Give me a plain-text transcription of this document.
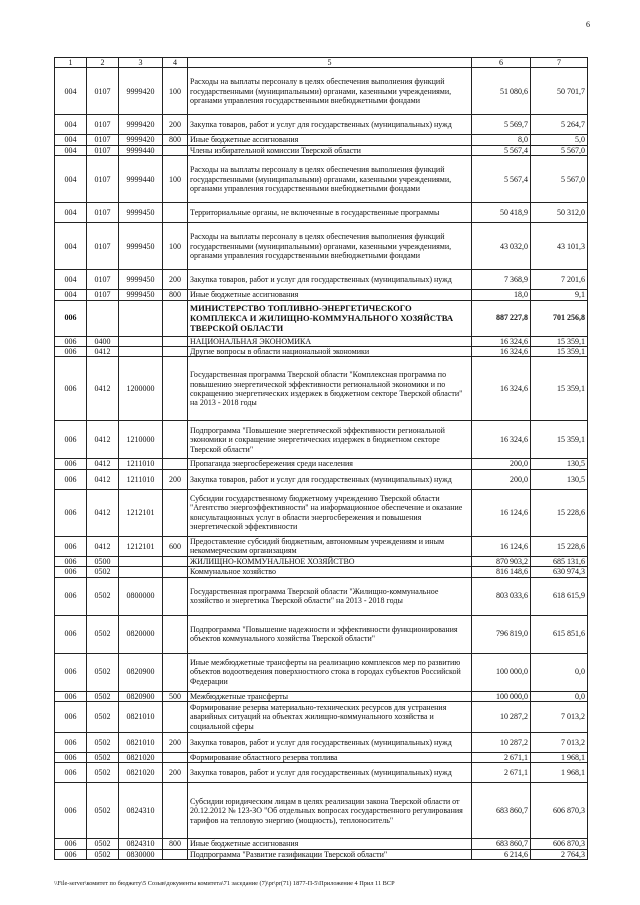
6
1	2	3	4	5	6	7
004	0107	9999420	100	Расходы на выплаты персоналу в целях обеспечения выполнения функций государственными (муниципальными) органами, казенными учреждениями, органами управления государственными внебюджетными фондами	51 080,6	50 701,7
004	0107	9999420	200	Закупка товаров, работ и услуг для государственных (муниципальных) нужд	5 569,7	5 264,7
004	0107	9999420	800	Иные бюджетные ассигнования	8,0	5,0
004	0107	9999440		Члены избирательной комиссии Тверской области	5 567,4	5 567,0
004	0107	9999440	100	Расходы на выплаты персоналу в целях обеспечения выполнения функций государственными (муниципальными) органами, казенными учреждениями, органами управления государственными внебюджетными фондами	5 567,4	5 567,0
004	0107	9999450		Территориальные органы, не включенные в государственные программы	50 418,9	50 312,0
004	0107	9999450	100	Расходы на выплаты персоналу в целях обеспечения выполнения функций государственными (муниципальными) органами, казенными учреждениями, органами управления государственными внебюджетными фондами	43 032,0	43 101,3
004	0107	9999450	200	Закупка товаров, работ и услуг для государственных (муниципальных) нужд	7 368,9	7 201,6
004	0107	9999450	800	Иные бюджетные ассигнования	18,0	9,1
006				МИНИСТЕРСТВО ТОПЛИВНО-ЭНЕРГЕТИЧЕСКОГО КОМПЛЕКСА И ЖИЛИЩНО-КОММУНАЛЬНОГО ХОЗЯЙСТВА ТВЕРСКОЙ ОБЛАСТИ	887 227,8	701 256,8
006	0400			НАЦИОНАЛЬНАЯ ЭКОНОМИКА	16 324,6	15 359,1
006	0412			Другие вопросы в области национальной экономики	16 324,6	15 359,1
006	0412	1200000		Государственная программа Тверской области "Комплексная программа по повышению энергетической эффективности региональной экономики и по сокращению энергетических издержек в бюджетном секторе Тверской области" на 2013 - 2018 годы	16 324,6	15 359,1
006	0412	1210000		Подпрограмма "Повышение энергетической эффективности региональной экономики и сокращение энергетических издержек в бюджетном секторе Тверской области"	16 324,6	15 359,1
006	0412	1211010		Пропаганда энергосбережения среди населения	200,0	130,5
006	0412	1211010	200	Закупка товаров, работ и услуг для государственных (муниципальных) нужд	200,0	130,5
006	0412	1212101		Субсидии государственному бюджетному учреждению Тверской области "Агентство энергоэффективности" на информационное обеспечение и оказание консультационных услуг в области энергосбережения и повышения энергетической эффективности	16 124,6	15 228,6
006	0412	1212101	600	Предоставление субсидий бюджетным, автономным учреждениям и иным некоммерческим организациям	16 124,6	15 228,6
006	0500			ЖИЛИЩНО-КОММУНАЛЬНОЕ ХОЗЯЙСТВО	870 903,2	685 131,6
006	0502			Коммунальное хозяйство	816 148,6	630 974,3
006	0502	0800000		Государственная программа Тверской области "Жилищно-коммунальное хозяйство и энергетика Тверской области" на 2013 - 2018 годы	803 033,6	618 615,9
006	0502	0820000		Подпрограмма "Повышение надежности и эффективности функционирования объектов коммунального хозяйства Тверской области"	796 819,0	615 851,6
006	0502	0820900		Иные межбюджетные трансферты на реализацию комплексов мер по развитию объектов водоотведения поверхностного стока в городах субъектов Российской Федерации	100 000,0	0,0
006	0502	0820900	500	Межбюджетные трансферты	100 000,0	0,0
006	0502	0821010		Формирование резерва материально-технических ресурсов для устранения аварийных ситуаций на объектах жилищно-коммунального хозяйства и социальной сферы	10 287,2	7 013,2
006	0502	0821010	200	Закупка товаров, работ и услуг для государственных (муниципальных) нужд	10 287,2	7 013,2
006	0502	0821020		Формирование областного резерва топлива	2 671,1	1 968,1
006	0502	0821020	200	Закупка товаров, работ и услуг для государственных (муниципальных) нужд	2 671,1	1 968,1
006	0502	0824310		Субсидии юридическим лицам в целях реализации закона Тверской области от 20.12.2012 № 123-ЗО "Об отдельных вопросах государственного регулирования тарифов на тепловую энергию (мощность), теплоноситель"	683 860,7	606 870,3
006	0502	0824310	800	Иные бюджетные ассигнования	683 860,7	606 870,3
006	0502	0830000		Подпрограмма "Развитие газификации Тверской области"	6 214,6	2 764,3
\\File-server\комитет по бюджету\5 Созыв\документы комитета\71 заседание (7)\pr\pr(71) 1877-П-5\Приложение 4 Прил 11 ВСР
